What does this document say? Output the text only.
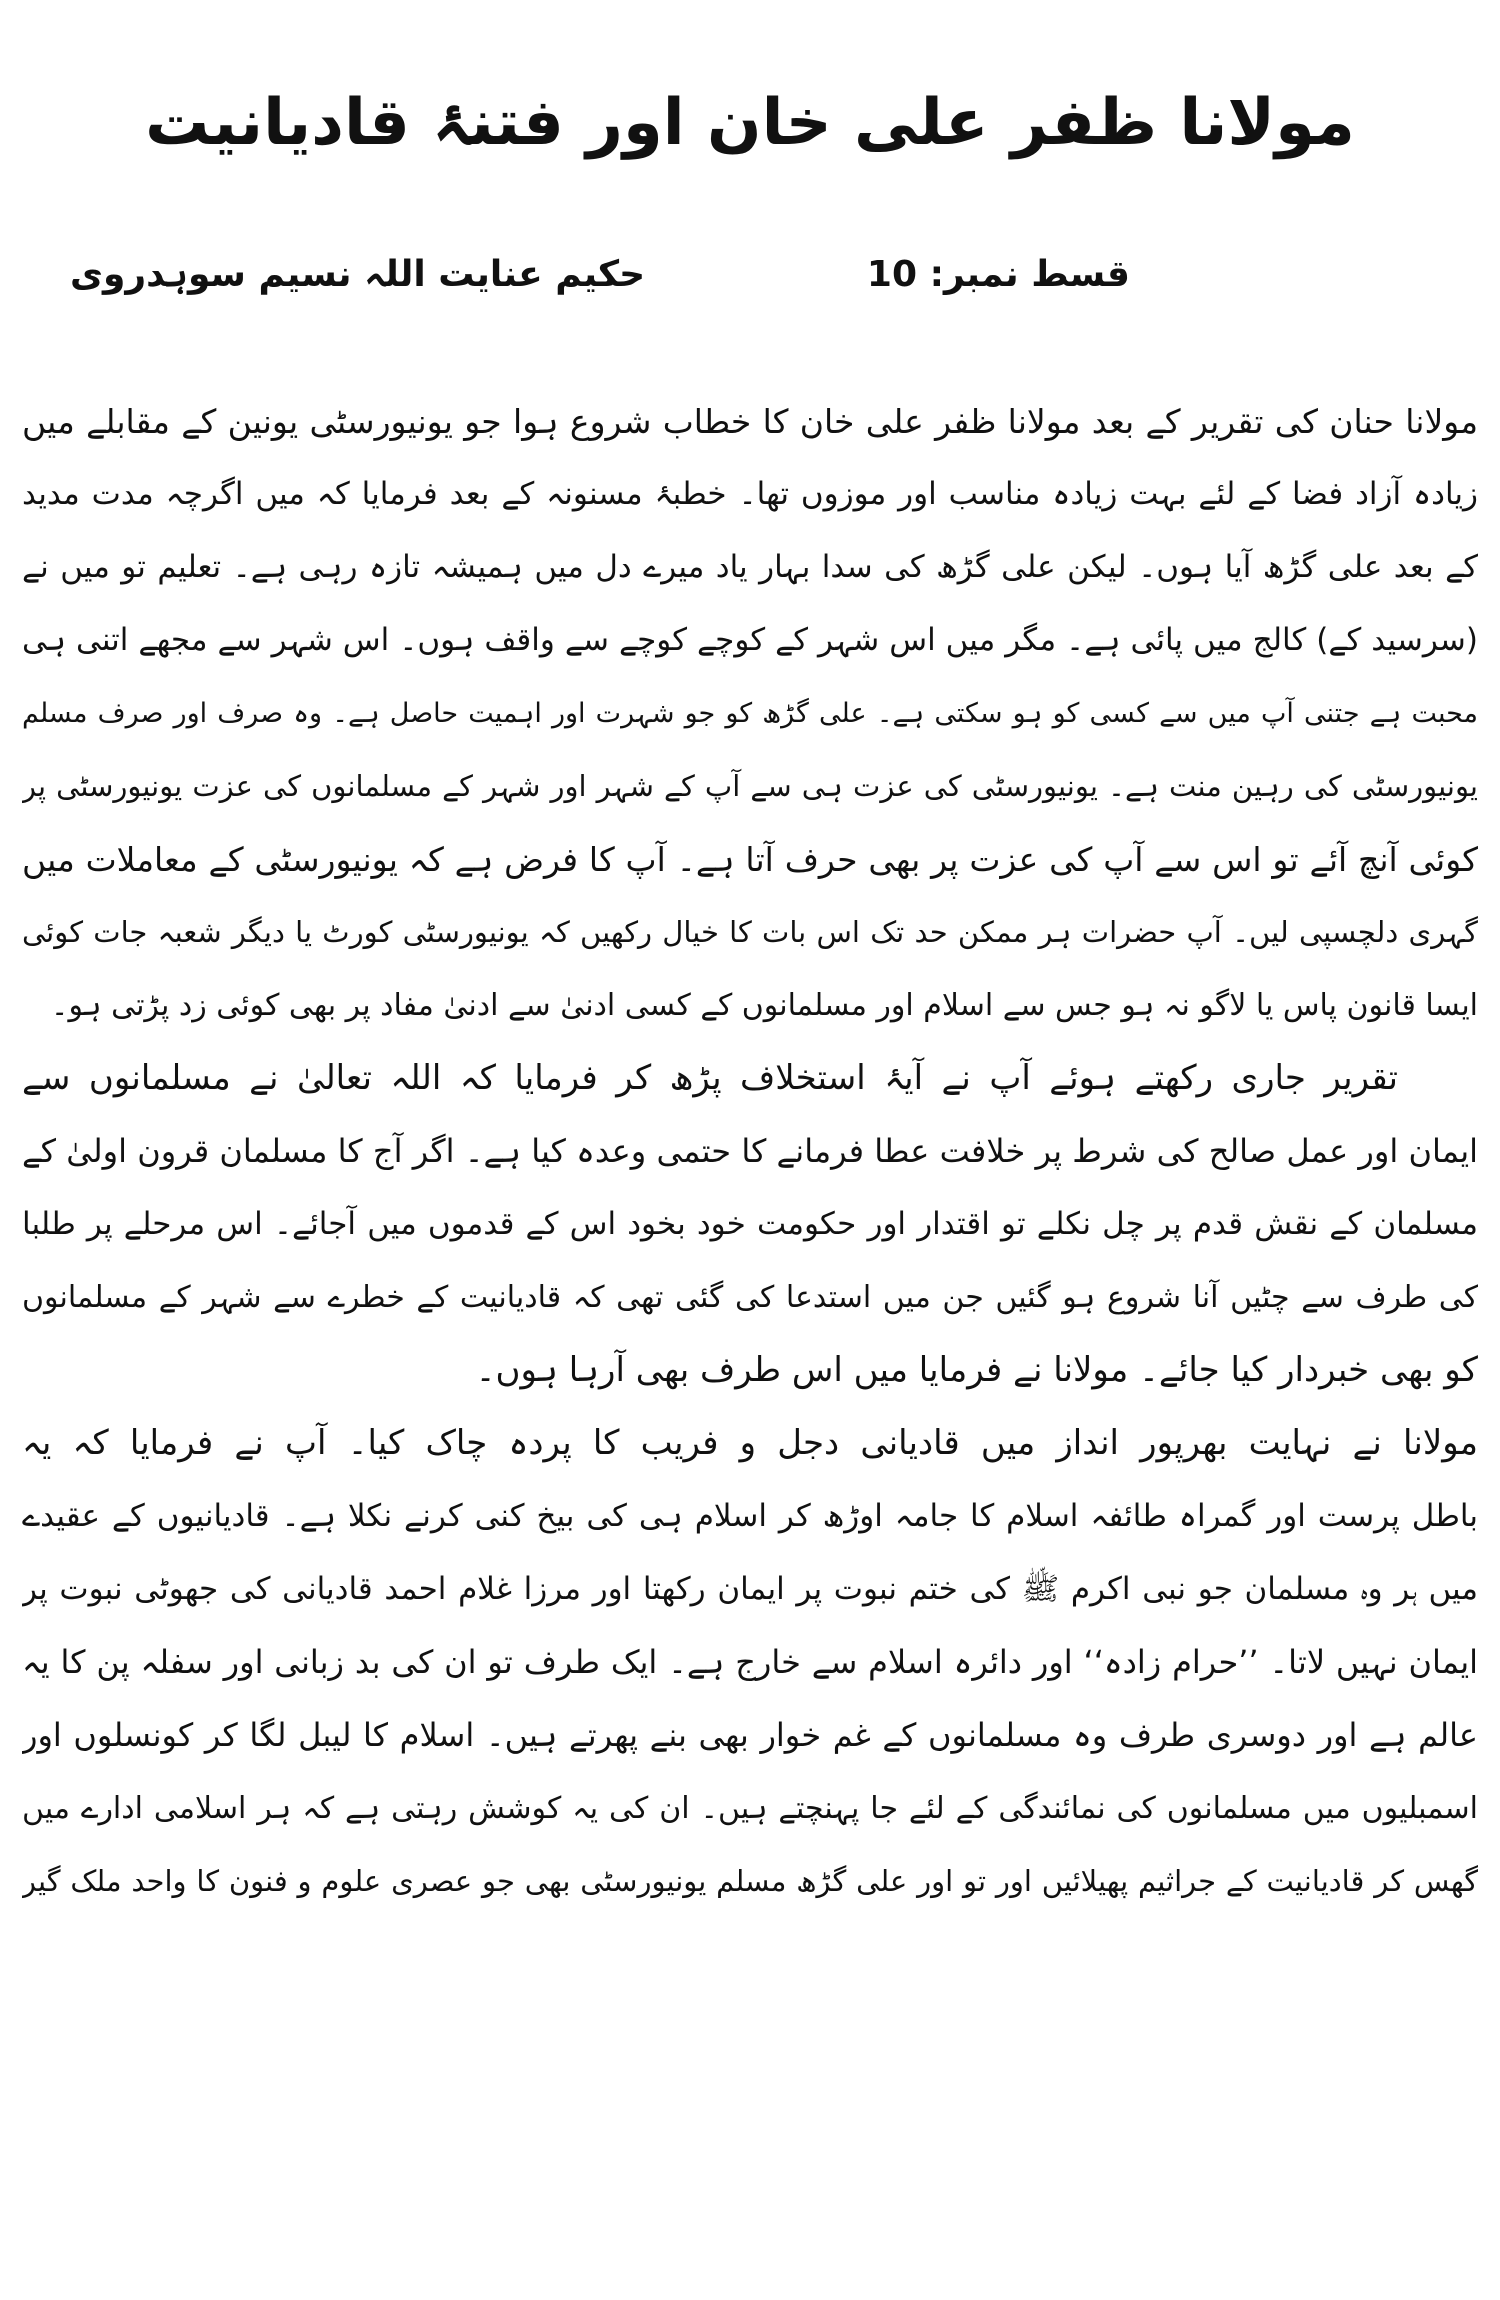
مولانا ظفر علی خان اور فتنۂ قادیانیت
قسط نمبر: 10
حکیم عنایت اللہ نسیم سوہدروی
مولانا حنان کی تقریر کے بعد مولانا ظفر علی خان کا خطاب شروع ہوا جو یونیورسٹی یونین کے مقابلے میں
زیادہ آزاد فضا کے لئے بہت زیادہ مناسب اور موزوں تھا۔ خطبۂ مسنونہ کے بعد فرمایا کہ میں اگرچہ مدت مدید
کے بعد علی گڑھ آیا ہوں۔ لیکن علی گڑھ کی سدا بہار یاد میرے دل میں ہمیشہ تازہ رہی ہے۔ تعلیم تو میں نے
(سرسید کے) کالج میں پائی ہے۔ مگر میں اس شہر کے کوچے کوچے سے واقف ہوں۔ اس شہر سے مجھے اتنی ہی
محبت ہے جتنی آپ میں سے کسی کو ہو سکتی ہے۔ علی گڑھ کو جو شہرت اور اہمیت حاصل ہے۔ وہ صرف اور صرف مسلم
یونیورسٹی کی رہین منت ہے۔ یونیورسٹی کی عزت ہی سے آپ کے شہر اور شہر کے مسلمانوں کی عزت یونیورسٹی پر
کوئی آنچ آئے تو اس سے آپ کی عزت پر بھی حرف آتا ہے۔ آپ کا فرض ہے کہ یونیورسٹی کے معاملات میں
گہری دلچسپی لیں۔ آپ حضرات ہر ممکن حد تک اس بات کا خیال رکھیں کہ یونیورسٹی کورٹ یا دیگر شعبہ جات کوئی
ایسا قانون پاس یا لاگو نہ ہو جس سے اسلام اور مسلمانوں کے کسی ادنیٰ سے ادنیٰ مفاد پر بھی کوئی زد پڑتی ہو۔
تقریر جاری رکھتے ہوئے آپ نے آیۂ استخلاف پڑھ کر فرمایا کہ اللہ تعالیٰ نے مسلمانوں سے
ایمان اور عمل صالح کی شرط پر خلافت عطا فرمانے کا حتمی وعدہ کیا ہے۔ اگر آج کا مسلمان قرون اولیٰ کے
مسلمان کے نقش قدم پر چل نکلے تو اقتدار اور حکومت خود بخود اس کے قدموں میں آجائے۔ اس مرحلے پر طلبا
کی طرف سے چٹیں آنا شروع ہو گئیں جن میں استدعا کی گئی تھی کہ قادیانیت کے خطرے سے شہر کے مسلمانوں
کو بھی خبردار کیا جائے۔ مولانا نے فرمایا میں اس طرف بھی آرہا ہوں۔
مولانا نے نہایت بھرپور انداز میں قادیانی دجل و فریب کا پردہ چاک کیا۔ آپ نے فرمایا کہ یہ
باطل پرست اور گمراہ طائفہ اسلام کا جامہ اوڑھ کر اسلام ہی کی بیخ کنی کرنے نکلا ہے۔ قادیانیوں کے عقیدے
میں ہر وہ مسلمان جو نبی اکرم ﷺ کی ختم نبوت پر ایمان رکھتا اور مرزا غلام احمد قادیانی کی جھوٹی نبوت پر
ایمان نہیں لاتا۔ ’’حرام زادہ‘‘ اور دائرہ اسلام سے خارج ہے۔ ایک طرف تو ان کی بد زبانی اور سفلہ پن کا یہ
عالم ہے اور دوسری طرف وہ مسلمانوں کے غم خوار بھی بنے پھرتے ہیں۔ اسلام کا لیبل لگا کر کونسلوں اور
اسمبلیوں میں مسلمانوں کی نمائندگی کے لئے جا پہنچتے ہیں۔ ان کی یہ کوشش رہتی ہے کہ ہر اسلامی ادارے میں
گھس کر قادیانیت کے جراثیم پھیلائیں اور تو اور علی گڑھ مسلم یونیورسٹی بھی جو عصری علوم و فنون کا واحد ملک گیر
